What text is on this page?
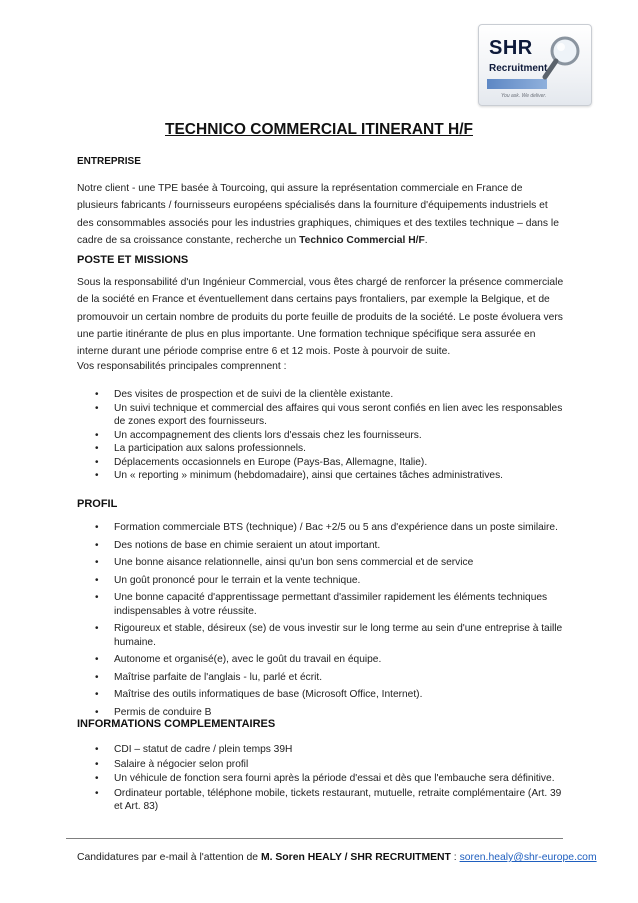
SHR
Recruitment
You ask. We deliver.
TECHNICO COMMERCIAL ITINERANT H/F
ENTREPRISE
Notre client - une TPE basée à Tourcoing, qui assure la représentation commerciale en France de plusieurs fabricants / fournisseurs européens spécialisés dans la fourniture d'équipements industriels et des consommables associés pour les industries graphiques, chimiques et des textiles technique – dans le cadre de sa croissance constante, recherche un Technico Commercial H/F.
POSTE ET MISSIONS
Sous la responsabilité d'un Ingénieur Commercial, vous êtes chargé de renforcer la présence commerciale de la société en France et éventuellement dans certains pays frontaliers, par exemple la Belgique, et de promouvoir un certain nombre de produits du porte feuille de produits de la société. Le poste évoluera vers une partie itinérante de plus en plus importante. Une formation technique spécifique sera assurée en interne durant une période comprise entre 6 et 12 mois. Poste à pourvoir de suite.
Vos responsabilités principales comprennent :
• Des visites de prospection et de suivi de la clientèle existante.
• Un suivi technique et commercial des affaires qui vous seront confiés en lien avec les responsables de zones export des fournisseurs.
• Un accompagnement des clients lors d'essais chez les fournisseurs.
• La participation aux salons professionnels.
• Déplacements occasionnels en Europe (Pays-Bas, Allemagne, Italie).
• Un « reporting » minimum (hebdomadaire), ainsi que certaines tâches administratives.
PROFIL
• Formation commerciale BTS (technique) / Bac +2/5 ou 5 ans d'expérience dans un poste similaire.
• Des notions de base en chimie seraient un atout important.
• Une bonne aisance relationnelle, ainsi qu'un bon sens commercial et de service
• Un goût prononcé pour le terrain et la vente technique.
• Une bonne capacité d'apprentissage permettant d'assimiler rapidement les éléments techniques indispensables à votre réussite.
• Rigoureux et stable, désireux (se) de vous investir sur le long terme au sein d'une entreprise à taille humaine.
• Autonome et organisé(e), avec le goût du travail en équipe.
• Maîtrise parfaite de l'anglais - lu, parlé et écrit.
• Maîtrise des outils informatiques de base (Microsoft Office, Internet).
• Permis de conduire B
INFORMATIONS COMPLEMENTAIRES
• CDI – statut de cadre / plein temps 39H
• Salaire à négocier selon profil
• Un véhicule de fonction sera fourni après la période d'essai et dès que l'embauche sera définitive.
• Ordinateur portable, téléphone mobile, tickets restaurant, mutuelle, retraite complémentaire (Art. 39 et Art. 83)
Candidatures par e-mail à l'attention de M. Soren HEALY / SHR RECRUITMENT : soren.healy@shr-europe.com
